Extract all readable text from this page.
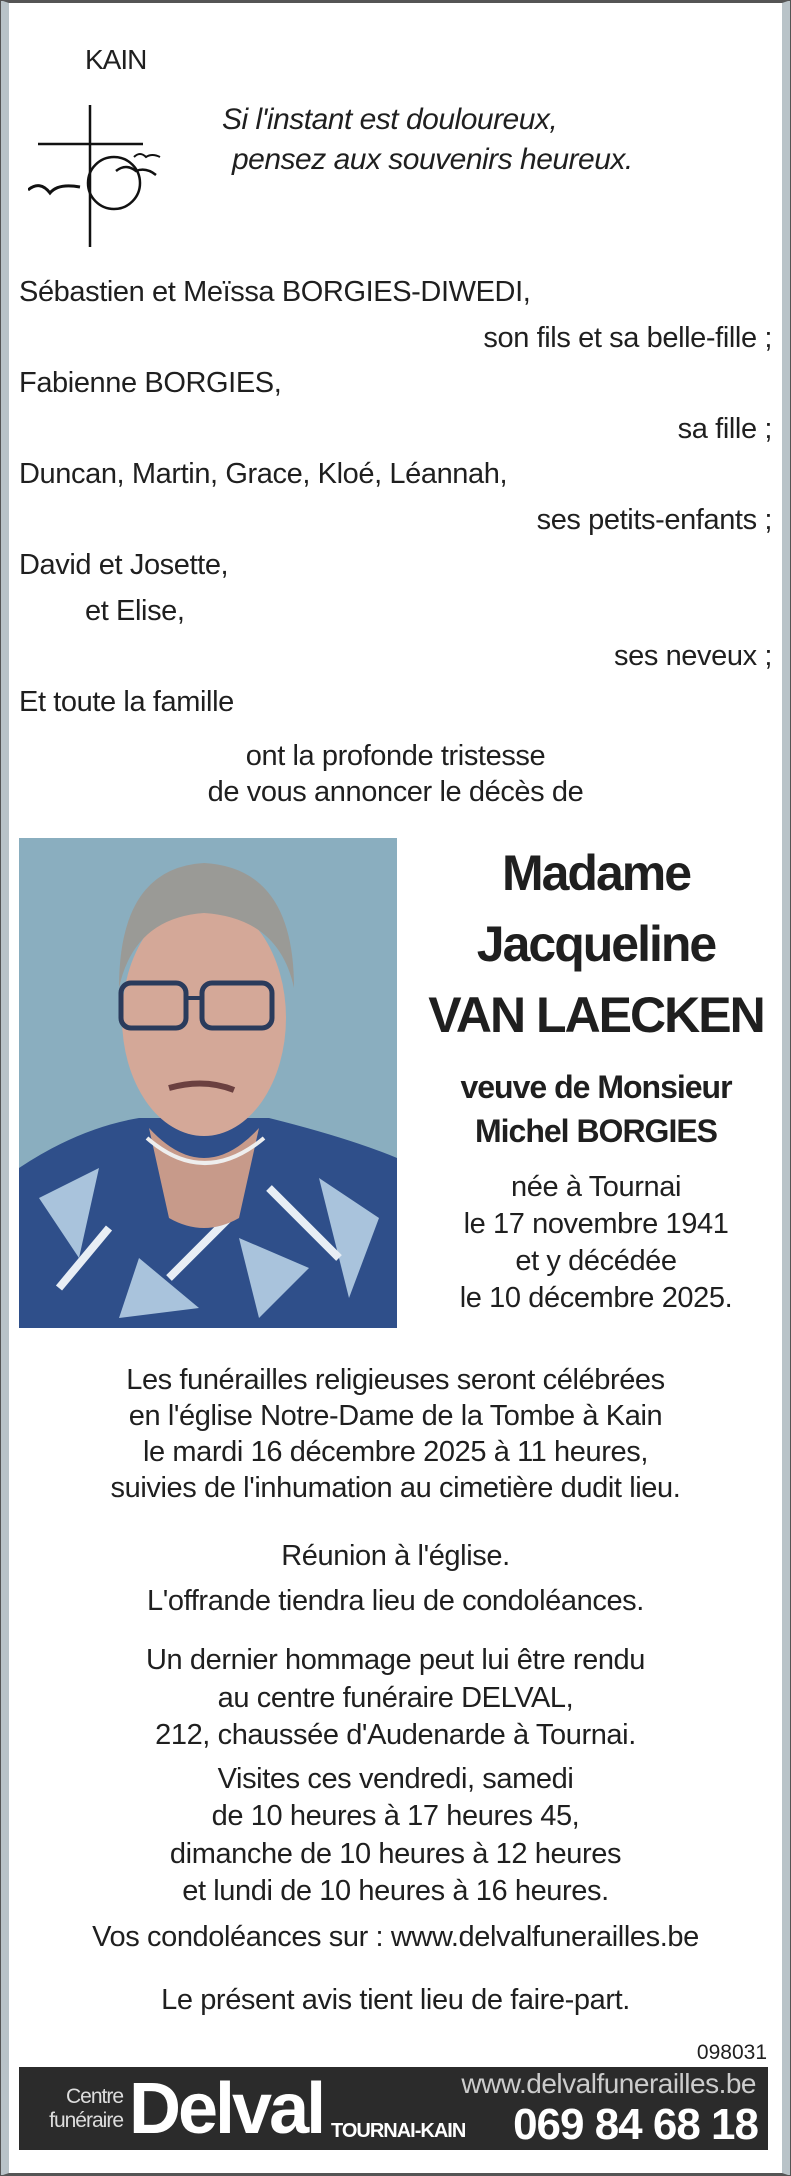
KAIN
Si l'instant est douloureux,
pensez aux souvenirs heureux.
Sébastien et Meïssa BORGIES-DIWEDI,
son fils et sa belle-fille ;
Fabienne BORGIES,
sa fille ;
Duncan, Martin, Grace, Kloé, Léannah,
ses petits-enfants ;
David et Josette,
et Elise,
ses neveux ;
Et toute la famille
ont la profonde tristesse
de vous annoncer le décès de
Madame
Jacqueline
VAN LAECKEN
veuve de Monsieur
Michel BORGIES
née à Tournai
le 17 novembre 1941
et y décédée
le 10 décembre 2025.
Les funérailles religieuses seront célébrées
en l'église Notre-Dame de la Tombe à Kain
le mardi 16 décembre 2025 à 11 heures,
suivies de l'inhumation au cimetière dudit lieu.
Réunion à l'église.
L'offrande tiendra lieu de condoléances.
Un dernier hommage peut lui être rendu
au centre funéraire DELVAL,
212, chaussée d'Audenarde à Tournai.
Visites ces vendredi, samedi
de 10 heures à 17 heures 45,
dimanche de 10 heures à 12 heures
et lundi de 10 heures à 16 heures.
Vos condoléances sur : www.delvalfunerailles.be
Le présent avis tient lieu de faire-part.
098031
Centre
funéraire Delval TOURNAI-KAIN
www.delvalfunerailles.be
069 84 68 18
